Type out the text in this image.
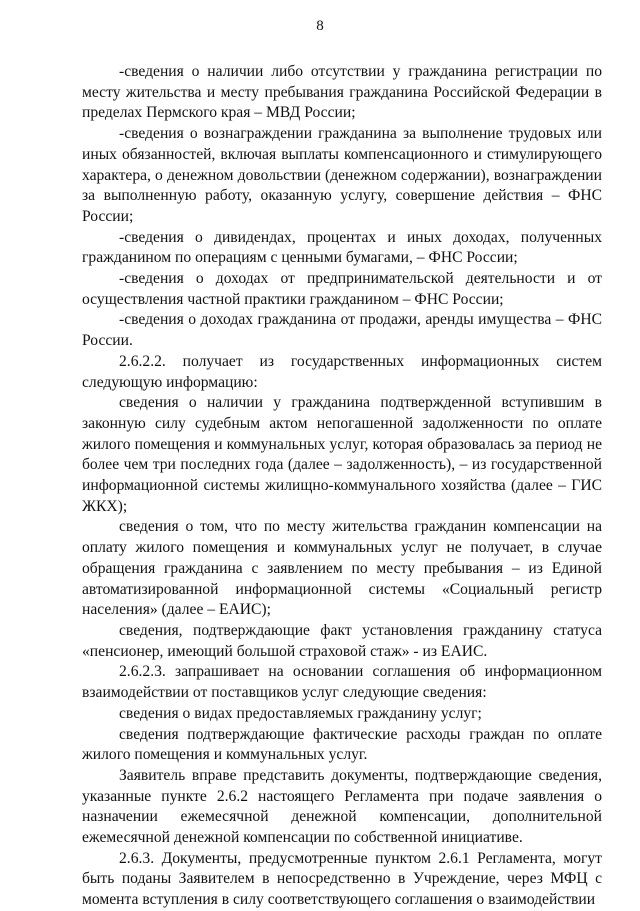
8

-сведения о наличии либо отсутствии у гражданина регистрации по месту жительства и месту пребывания гражданина Российской Федерации в пределах Пермского края – МВД России;

-сведения о вознаграждении гражданина за выполнение трудовых или иных обязанностей, включая выплаты компенсационного и стимулирующего характера, о денежном довольствии (денежном содержании), вознаграждении за выполненную работу, оказанную услугу, совершение действия – ФНС России;

-сведения о дивидендах, процентах и иных доходах, полученных гражданином по операциям с ценными бумагами, – ФНС России;

-сведения о доходах от предпринимательской деятельности и от осуществления частной практики гражданином – ФНС России;

-сведения о доходах гражданина от продажи, аренды имущества – ФНС России.

2.6.2.2. получает из государственных информационных систем следующую информацию:

сведения о наличии у гражданина подтвержденной вступившим в законную силу судебным актом непогашенной задолженности по оплате жилого помещения и коммунальных услуг, которая образовалась за период не более чем три последних года (далее – задолженность), – из государственной информационной системы жилищно-коммунального хозяйства (далее – ГИС ЖКХ);

сведения о том, что по месту жительства гражданин компенсации на оплату жилого помещения и коммунальных услуг не получает, в случае обращения гражданина с заявлением по месту пребывания – из Единой автоматизированной информационной системы «Социальный регистр населения» (далее – ЕАИС);

сведения, подтверждающие факт установления гражданину статуса «пенсионер, имеющий большой страховой стаж» - из ЕАИС.

2.6.2.3. запрашивает на основании соглашения об информационном взаимодействии от поставщиков услуг следующие сведения:

сведения о видах предоставляемых гражданину услуг;

сведения подтверждающие фактические расходы граждан по оплате жилого помещения и коммунальных услуг.

Заявитель вправе представить документы, подтверждающие сведения, указанные пункте 2.6.2 настоящего Регламента при подаче заявления о назначении ежемесячной денежной компенсации, дополнительной ежемесячной денежной компенсации по собственной инициативе.

2.6.3. Документы, предусмотренные пунктом 2.6.1 Регламента, могут быть поданы Заявителем в непосредственно в Учреждение, через МФЦ с момента вступления в силу соответствующего соглашения о взаимодействии
